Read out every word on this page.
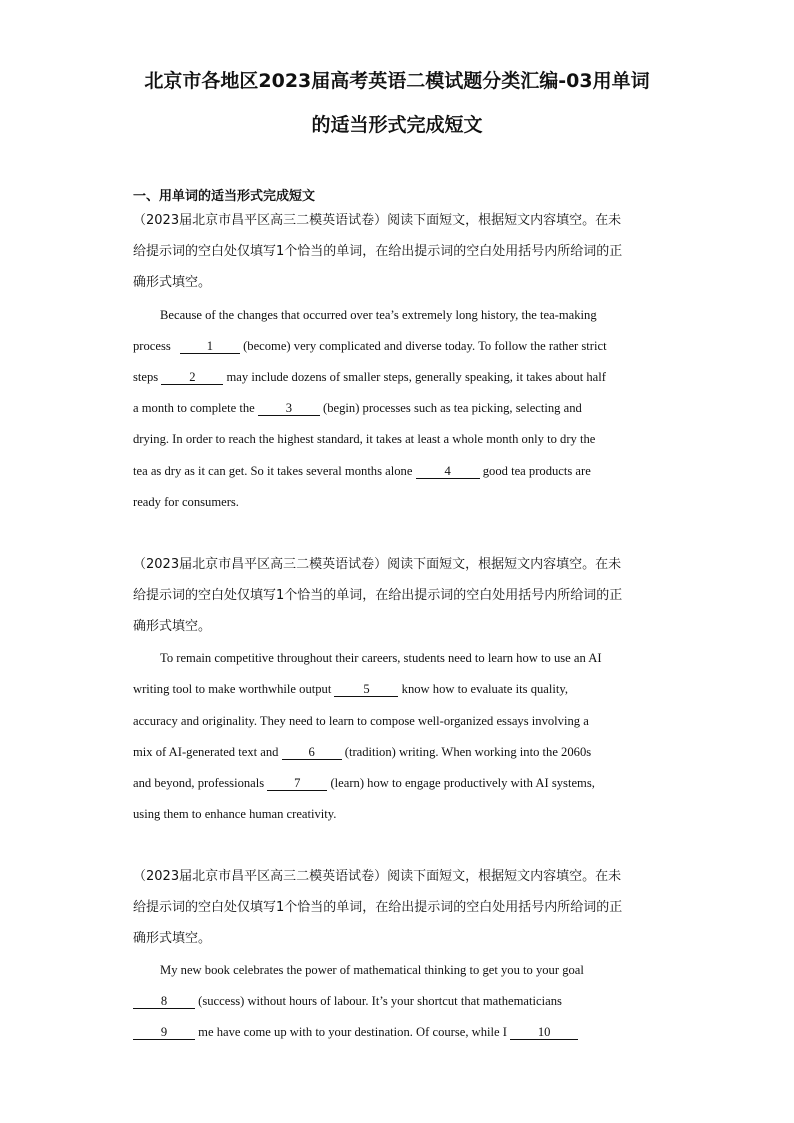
北京市各地区2023届高考英语二模试题分类汇编-03用单词
的适当形式完成短文
一、用单词的适当形式完成短文
（2023届北京市昌平区高三二模英语试卷）阅读下面短文，根据短文内容填空。在未
给提示词的空白处仅填写1个恰当的单词，在给出提示词的空白处用括号内所给词的正
确形式填空。
Because of the changes that occurred over tea’s extremely long history, the tea-making
process	1 (become) very complicated and diverse today. To follow the rather strict
steps 2 may include dozens of smaller steps, generally speaking, it takes about half
a month to complete the 3 (begin) processes such as tea picking, selecting and
drying. In order to reach the highest standard, it takes at least a whole month only to dry the
tea as dry as it can get. So it takes several months alone 4	good tea products are
ready for consumers.
（2023届北京市昌平区高三二模英语试卷）阅读下面短文，根据短文内容填空。在未
给提示词的空白处仅填写1个恰当的单词，在给出提示词的空白处用括号内所给词的正
确形式填空。
To remain competitive throughout their careers, students need to learn how to use an AI
writing tool to make worthwhile output 5	know how to evaluate its quality,
accuracy and originality. They need to learn to compose well-organized essays involving a
mix of AI-generated text and 6 (tradition) writing. When working into the 2060s
and beyond, professionals 7 (learn) how to engage productively with AI systems,
using them to enhance human creativity.
（2023届北京市昌平区高三二模英语试卷）阅读下面短文，根据短文内容填空。在未
给提示词的空白处仅填写1个恰当的单词，在给出提示词的空白处用括号内所给词的正
确形式填空。
My new book celebrates the power of mathematical thinking to get you to your goal
8 (success) without hours of labour. It’s your shortcut that mathematicians
9 me have come up with to your destination. Of course, while I 10
